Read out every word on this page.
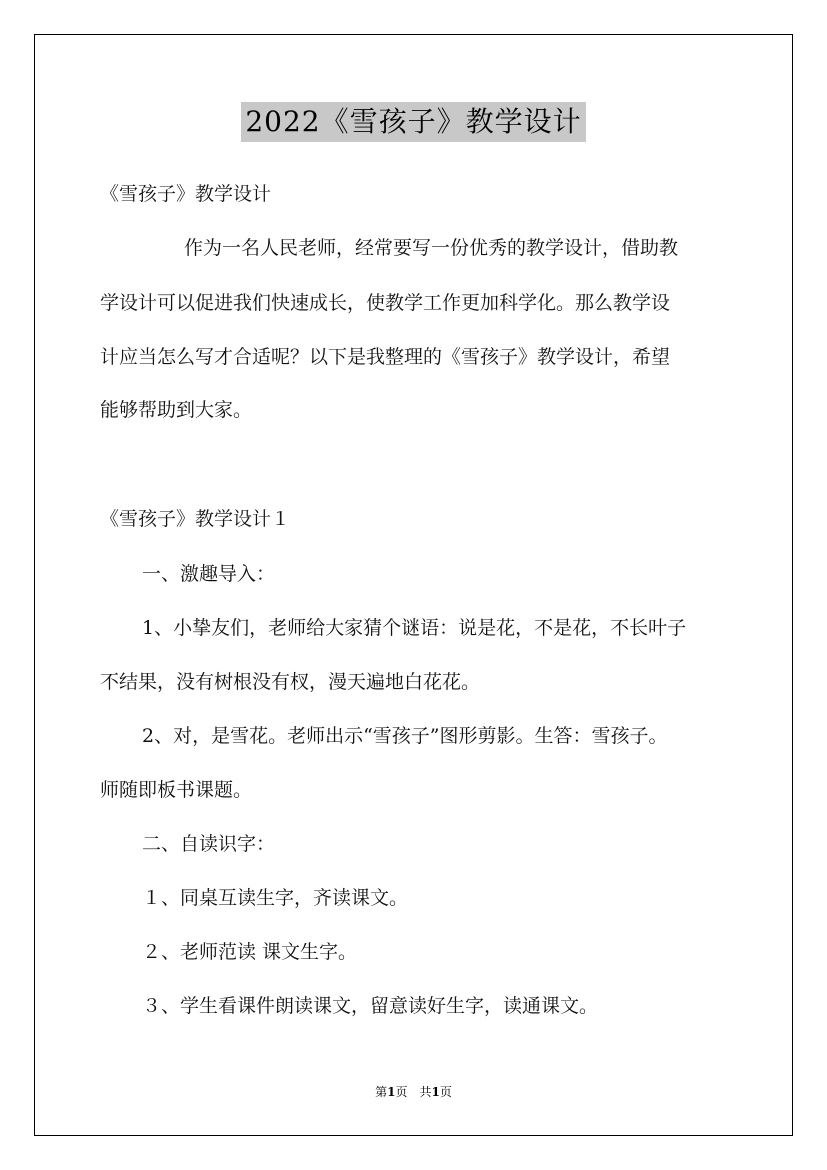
2022《雪孩子》教学设计
《雪孩子》教学设计
作为一名人民老师，经常要写一份优秀的教学设计，借助教
学设计可以促进我们快速成长，使教学工作更加科学化。那么教学设
计应当怎么写才合适呢？以下是我整理的《雪孩子》教学设计，希望
能够帮助到大家。
《雪孩子》教学设计１
一、激趣导入：
1、小挚友们，老师给大家猜个谜语：说是花，不是花，不长叶子
不结果，没有树根没有杈，漫天遍地白花花。
2、对，是雪花。老师出示“雪孩子”图形剪影。生答：雪孩子。
师随即板书课题。
二、自读识字：
１、同桌互读生字，齐读课文。
２、老师范读 课文生字。
３、学生看课件朗读课文，留意读好生字，读通课文。
第1页　共1页
